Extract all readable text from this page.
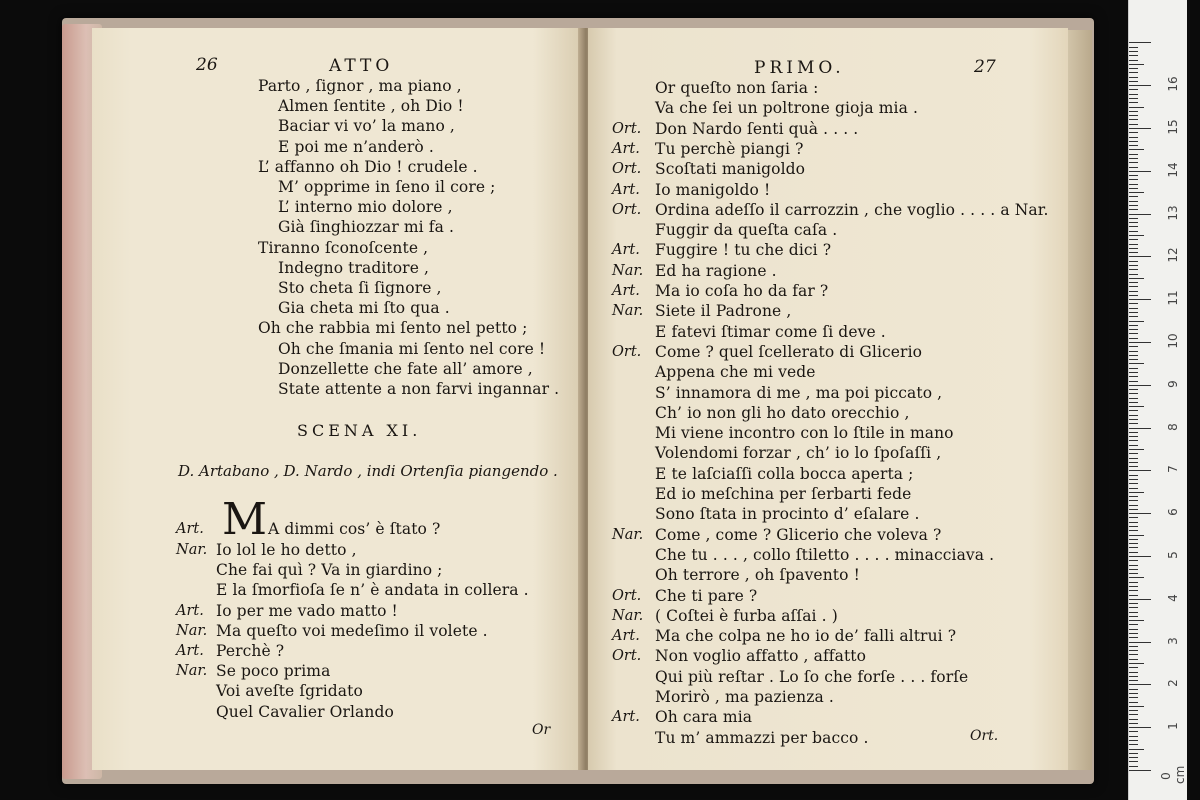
26	ATTO
Parto , ſignor , ma piano ,
Almen ſentite , oh Dio !
Baciar vi vo’ la mano ,
E poi me n’anderò .
L’ affanno oh Dio ! crudele .
M’ opprime in ſeno il core ;
L’ interno mio dolore ,
Già ſinghiozzar mi fa .
Tiranno ſconoſcente ,
Indegno traditore ,
Sto cheta ſi ſignore ,
Gia cheta mi ſto qua .
Oh che rabbia mi ſento nel petto ;
Oh che ſmania mi ſento nel core !
Donzellette che fate all’ amore ,
State attente a non farvi ingannar .
SCENA XI.
D. Artabano , D. Nardo , indi Ortenſia piangendo .
Art. M A dimmi cos’ è ſtato ?
Nar. Io lol le ho detto ,
Che fai quì ? Va in giardino ;
E la ſmorfioſa ſe n’ è andata in collera .
Art. Io per me vado matto !
Nar. Ma queſto voi medeſimo il volete .
Art. Perchè ?
Nar. Se poco prima
Voi aveſte ſgridato
Quel Cavalier Orlando
Or
PRIMO.	27
Or queſto non ſaria :
Va che ſei un poltrone gioja mia .
Ort. Don Nardo ſenti quà . . . .
Art. Tu perchè piangi ?
Ort. Scoſtati manigoldo
Art. Io manigoldo !
Ort. Ordina adeſſo il carrozzin , che voglio . . . . a Nar.
Fuggir da queſta caſa .
Art. Fuggire ! tu che dici ?
Nar. Ed ha ragione .
Art. Ma io coſa ho da far ?
Nar. Siete il Padrone ,
E fatevi ſtimar come ſi deve .
Ort. Come ? quel ſcellerato di Glicerio
Appena che mi vede
S’ innamora di me , ma poi piccato ,
Ch’ io non gli ho dato orecchio ,
Mi viene incontro con lo ſtile in mano
Volendomi forzar , ch’ io lo ſpoſaſſi ,
E te laſciaſſi colla bocca aperta ;
Ed io meſchina per ſerbarti fede
Sono ſtata in procinto d’ eſalare .
Nar. Come , come ? Glicerio che voleva ?
Che tu . . . , collo ſtiletto . . . . minacciava .
Oh terrore , oh ſpavento !
Ort. Che ti pare ?
Nar. ( Coſtei è furba aſſai . )
Art. Ma che colpa ne ho io de’ falli altrui ?
Ort. Non voglio affatto , affatto
Qui più reſtar . Lo ſo che forſe . . . forſe
Morirò , ma pazienza .
Art. Oh cara mia
Tu m’ ammazzi per bacco .	Ort.
0 cm
1
2
3
4
5
6
7
8
9
10
11
12
13
14
15
16
